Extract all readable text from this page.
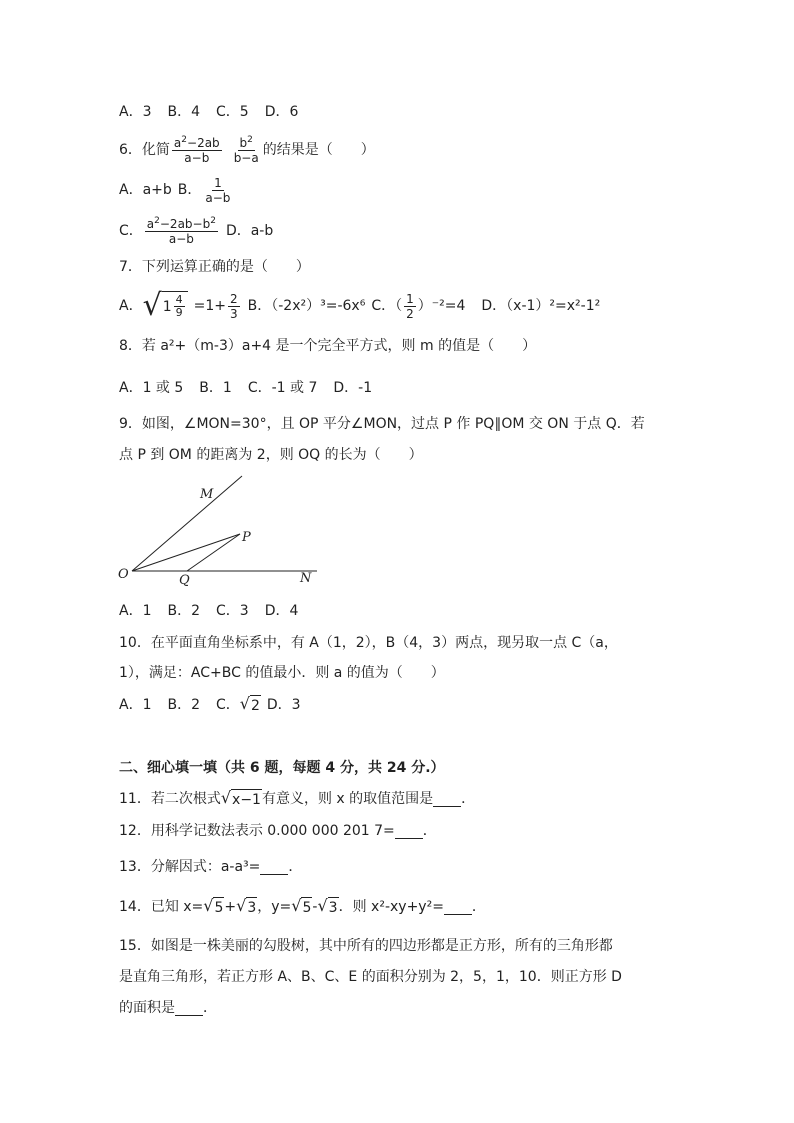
A．3 B．4 C．5 D．6
6．化简 $\frac{a^2-2ab}{a-b} \frac{b^2}{b-a}$ 的结果是（　　）
A．a+b B． $\frac{1}{a-b}$
C． $\frac{a^2-2ab-b^2}{a-b}$ D．a-b
7．下列运算正确的是（　　）
A． √ $1 \frac{4}{9} =1+ \frac{2}{3}$ B．（-2x²）³=-6x⁶ C．（ $\frac{1}{2} )^{-2}=4$ D．（x-1）²=x²-1²
8．若 a²+（m-3）a+4 是一个完全平方式，则 m 的值是（　　）
A．1 或 5 B．1 C．-1 或 7 D．-1
9．如图，∠MON=30°，且 OP 平分∠MON，过点 P 作 PQ∥OM 交 ON 于点 Q．若
点 P 到 OM 的距离为 2，则 OQ 的长为（　　）
M
P
O	Q	N
A．1 B．2 C．3 D．4
10．在平面直角坐标系中，有 A（1，2），B（4，3）两点，现另取一点 C（a，
1），满足：AC+BC 的值最小．则 a 的值为（　　）
A．1 B．2 C． √ 2 D．3
二、细心填一填（共 6 题，每题 4 分，共 24 分.）
11．若二次根式 √ x−1 有意义，则 x 的取值范围是 ．
12．用科学记数法表示 0.000 000 201 7= ．
13．分解因式：a-a³= ．
14．已知 x= √ 5 + √ 3 ，y= √ 5 - √ 3 ．则 x²-xy+y²= ．
15．如图是一株美丽的勾股树，其中所有的四边形都是正方形，所有的三角形都
是直角三角形，若正方形 A、B、C、E 的面积分别为 2，5，1，10．则正方形 D
的面积是 ．
